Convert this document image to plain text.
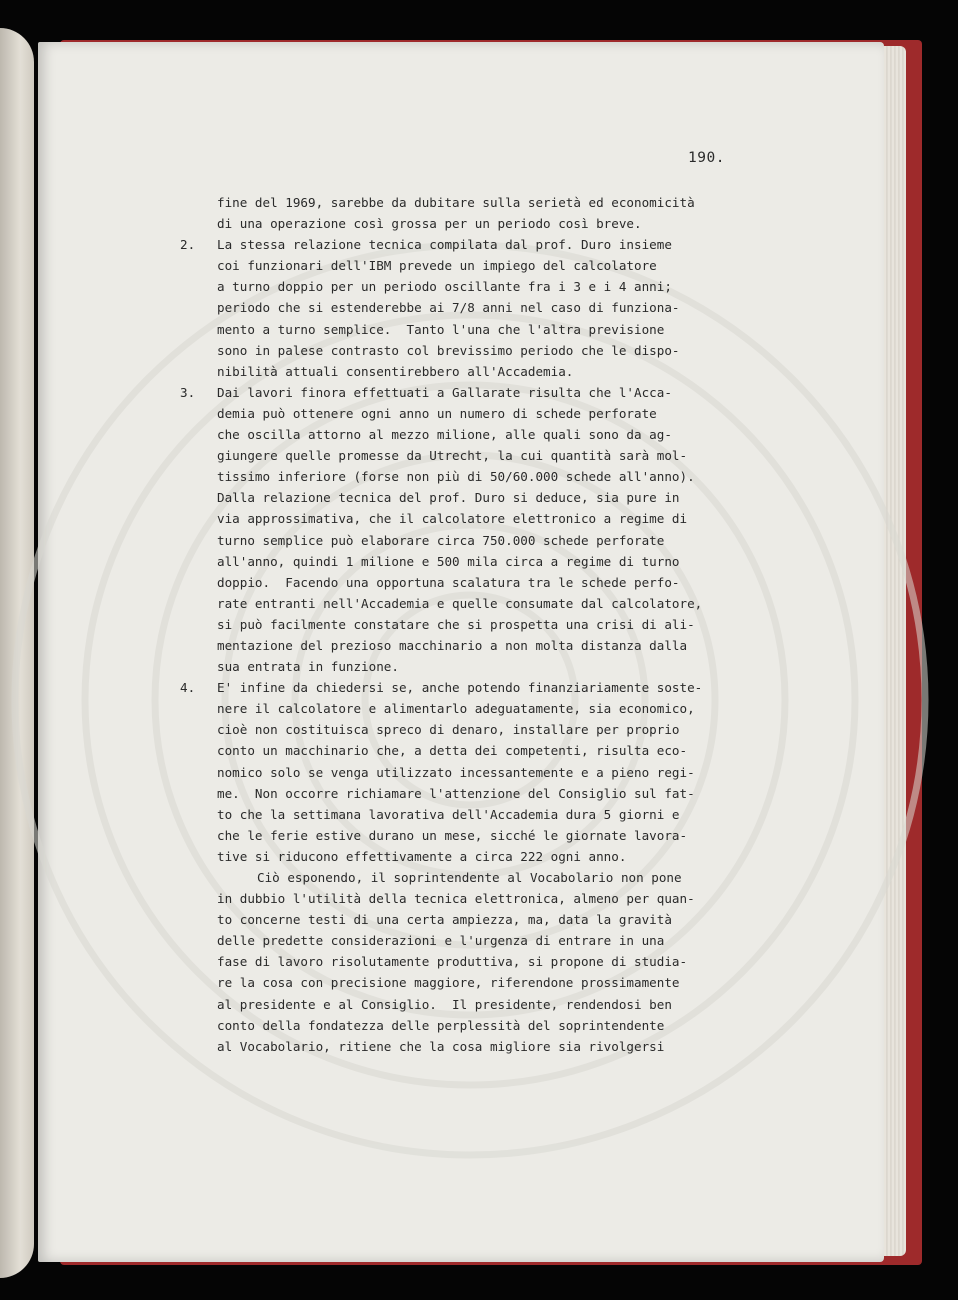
190.
fine del 1969, sarebbe da dubitare sulla serietà ed economicità
di una operazione così grossa per un periodo così breve.
2. La stessa relazione tecnica compilata dal prof. Duro insieme
coi funzionari dell'IBM prevede un impiego del calcolatore
a turno doppio per un periodo oscillante fra i 3 e i 4 anni;
periodo che si estenderebbe ai 7/8 anni nel caso di funziona-
mento a turno semplice.  Tanto l'una che l'altra previsione
sono in palese contrasto col brevissimo periodo che le dispo-
nibilità attuali consentirebbero all'Accademia.
3. Dai lavori finora effettuati a Gallarate risulta che l'Acca-
demia può ottenere ogni anno un numero di schede perforate
che oscilla attorno al mezzo milione, alle quali sono da ag-
giungere quelle promesse da Utrecht, la cui quantità sarà mol-
tissimo inferiore (forse non più di 50/60.000 schede all'anno).
Dalla relazione tecnica del prof. Duro si deduce, sia pure in
via approssimativa, che il calcolatore elettronico a regime di
turno semplice può elaborare circa 750.000 schede perforate
all'anno, quindi 1 milione e 500 mila circa a regime di turno
doppio.  Facendo una opportuna scalatura tra le schede perfo-
rate entranti nell'Accademia e quelle consumate dal calcolatore,
si può facilmente constatare che si prospetta una crisi di ali-
mentazione del prezioso macchinario a non molta distanza dalla
sua entrata in funzione.
4. E' infine da chiedersi se, anche potendo finanziariamente soste-
nere il calcolatore e alimentarlo adeguatamente, sia economico,
cioè non costituisca spreco di denaro, installare per proprio
conto un macchinario che, a detta dei competenti, risulta eco-
nomico solo se venga utilizzato incessantemente e a pieno regi-
me.  Non occorre richiamare l'attenzione del Consiglio sul fat-
to che la settimana lavorativa dell'Accademia dura 5 giorni e
che le ferie estive durano un mese, sicché le giornate lavora-
tive si riducono effettivamente a circa 222 ogni anno.
Ciò esponendo, il soprintendente al Vocabolario non pone
in dubbio l'utilità della tecnica elettronica, almeno per quan-
to concerne testi di una certa ampiezza, ma, data la gravità
delle predette considerazioni e l'urgenza di entrare in una
fase di lavoro risolutamente produttiva, si propone di studia-
re la cosa con precisione maggiore, riferendone prossimamente
al presidente e al Consiglio.  Il presidente, rendendosi ben
conto della fondatezza delle perplessità del soprintendente
al Vocabolario, ritiene che la cosa migliore sia rivolgersi
